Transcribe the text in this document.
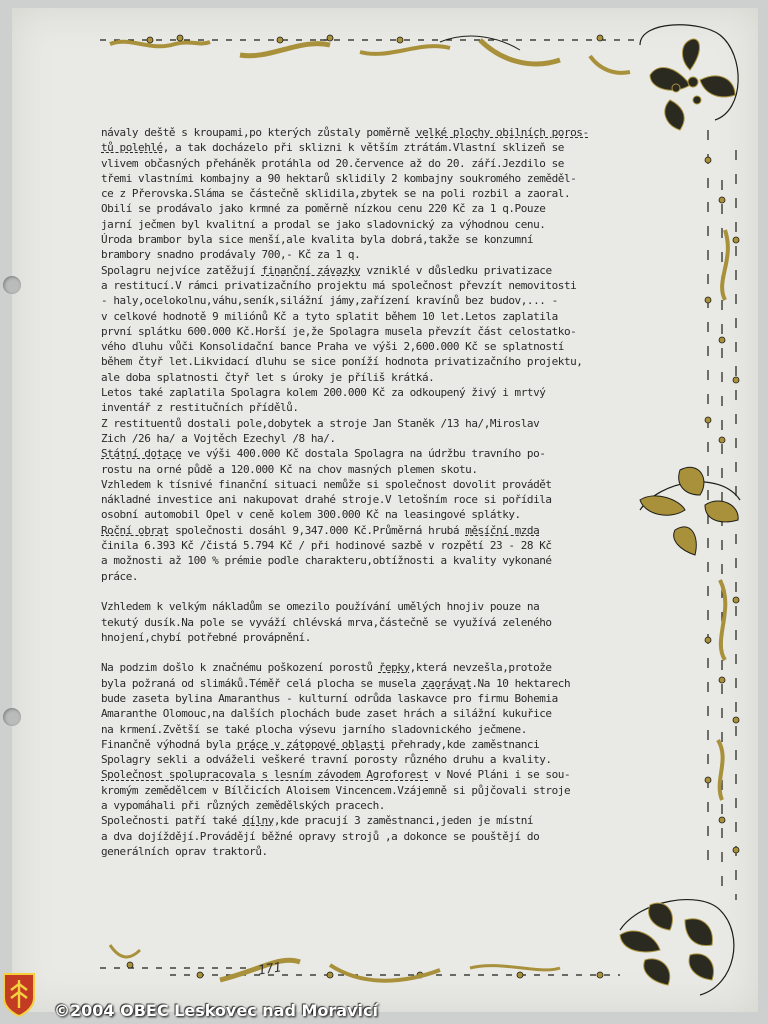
návaly deště s kroupami,po kterých zůstaly poměrně velké plochy obilních poros-
tů polehlé, a tak docházelo při sklizni k větším ztrátám.Vlastní sklizeň se
vlivem občasných přeháněk protáhla od 20.července až do 20. září.Jezdilo se
třemi vlastními kombajny a 90 hektarů sklidily 2 kombajny soukromého zeměděl-
ce z Přerovska.Sláma se částečně sklidila,zbytek se na poli rozbil a zaoral.
Obilí se prodávalo jako krmné za poměrně nízkou cenu 220 Kč za 1 q.Pouze
jarní ječmen byl kvalitní a prodal se jako sladovnický za výhodnou cenu.
Úroda brambor byla sice menší,ale kvalita byla dobrá,takže se konzumní
brambory snadno prodávaly 700,- Kč za 1 q.
Spolagru nejvíce zatěžují finanční závazky vzniklé v důsledku privatizace
a restitucí.V rámci privatizačního projektu má společnost převzít nemovitosti
- haly,ocelokolnu,váhu,seník,silážní jámy,zařízení kravínů bez budov,... -
v celkové hodnotě 9 miliónů Kč a tyto splatit během 10 let.Letos zaplatila
první splátku 600.000 Kč.Horší je,že Spolagra musela převzít část celostatko-
vého dluhu vůči Konsolidační bance Praha ve výši 2,600.000 Kč se splatností
během čtyř let.Likvidací dluhu se sice poníží hodnota privatizačního projektu,
ale doba splatnosti čtyř let s úroky je příliš krátká.
Letos také zaplatila Spolagra kolem 200.000 Kč za odkoupený živý i mrtvý
inventář z restitučních přídělů.
Z restituentů dostali pole,dobytek a stroje Jan Staněk /13 ha/,Miroslav
Zich /26 ha/ a Vojtěch Ezechyl /8 ha/.
Státní dotace ve výši 400.000 Kč dostala Spolagra na údržbu travního po-
rostu na orné půdě a 120.000 Kč na chov masných plemen skotu.
Vzhledem k tísnivé finanční situaci nemůže si společnost dovolit provádět
nákladné investice ani nakupovat drahé stroje.V letošním roce si pořídila
osobní automobil Opel v ceně kolem 300.000 Kč na leasingové splátky.
Roční obrat společnosti dosáhl 9,347.000 Kč.Průměrná hrubá měsíční mzda
činila 6.393 Kč /čistá 5.794 Kč / při hodinové sazbě v rozpětí 23 - 28 Kč
a možnosti až 100 % prémie podle charakteru,obtížnosti a kvality vykonané
práce.
Vzhledem k velkým nákladům se omezilo používání umělých hnojiv pouze na
tekutý dusík.Na pole se vyváží chlévská mrva,částečně se využívá zeleného
hnojení,chybí potřebné provápnění.
Na podzim došlo k značnému poškození porostů řepky,která nevzešla,protože
byla požraná od slimáků.Téměř celá plocha se musela zaorávat.Na 10 hektarech
bude zaseta bylina Amaranthus - kulturní odrůda laskavce pro firmu Bohemia
Amaranthe Olomouc,na dalších plochách bude zaset hrách a silážní kukuřice
na krmení.Zvětší se také plocha výsevu jarního sladovnického ječmene.
Finančně výhodná byla práce v zátopové oblasti přehrady,kde zaměstnanci
Spolagry sekli a odváželi veškeré travní porosty různého druhu a kvality.
Společnost spolupracovala s lesním závodem Agroforest v Nové Pláni i se sou-
kromým zemědělcem v Bílčicích Aloisem Vincencem.Vzájemně si půjčovali stroje
a vypomáhali při různých zemědělských pracech.
Společnosti patří také dílny,kde pracují 3 zaměstnanci,jeden je místní
a dva dojíždějí.Provádějí běžné opravy strojů ,a dokonce se pouštějí do
generálních oprav traktorů.
171
©2004 OBEC Leskovec nad Moravicí
